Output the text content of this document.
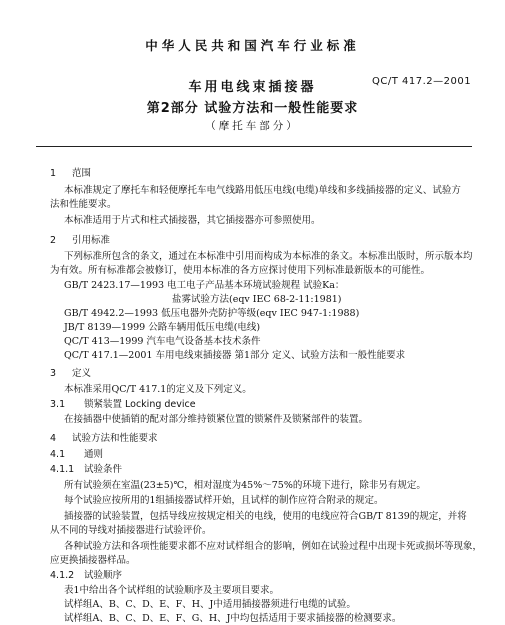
中华人民共和国汽车行业标准
QC/T 417.2—2001
车用电线束插接器
第2部分 试验方法和一般性能要求
（摩托车部分）
1 范围
本标准规定了摩托车和轻便摩托车电气线路用低压电线(电缆)单线和多线插接器的定义、试验方
法和性能要求。
本标准适用于片式和柱式插接器，其它插接器亦可参照使用。
2 引用标准
下列标准所包含的条文，通过在本标准中引用而构成为本标准的条文。本标准出版时，所示版本均
为有效。所有标准都会被修订，使用本标准的各方应探讨使用下列标准最新版本的可能性。
GB/T 2423.17—1993 电工电子产品基本环境试验规程 试验Ka：
盐雾试验方法(eqv IEC 68-2-11:1981)
GB/T 4942.2—1993 低压电器外壳防护等级(eqv IEC 947-1:1988)
JB/T 8139—1999 公路车辆用低压电缆(电线)
QC/T 413—1999 汽车电气设备基本技术条件
QC/T 417.1—2001 车用电线束插接器 第1部分 定义、试验方法和一般性能要求
3 定义
本标准采用QC/T 417.1的定义及下列定义。
3.1 锁紧装置 Locking device
在接插器中使插销的配对部分维持锁紧位置的锁紧件及锁紧部件的装置。
4 试验方法和性能要求
4.1 通则
4.1.1 试验条件
所有试验须在室温(23±5)℃，相对湿度为45%～75%的环境下进行，除非另有规定。
每个试验应按所用的1组插接器试样开始，且试样的制作应符合附录的规定。
插接器的试验装置，包括导线应按规定相关的电线，使用的电线应符合GB/T 8139的规定，并将
从不同的导线对插接器进行试验评价。
各种试验方法和各项性能要求都不应对试样组合的影响，例如在试验过程中出现卡死或损坏等现象，
应更换插接器样品。
4.1.2 试验顺序
表1中给出各个试样组的试验顺序及主要项目要求。
试样组A、B、C、D、E、F、H、J中适用插接器须进行电缆的试验。
试样组A、B、C、D、E、F、G、H、J中均包括适用于要求插接器的检测要求。
